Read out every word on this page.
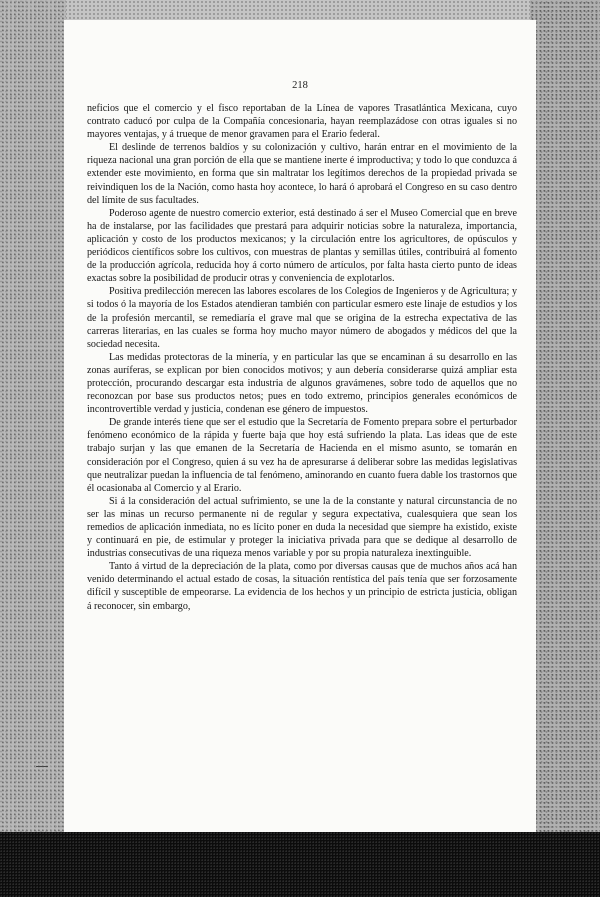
218

neficios que el comercio y el fisco reportaban de la Línea de vapores Trasatlántica Mexicana, cuyo contrato caducó por culpa de la Compañía concesionaria, hayan reemplazádose con otras iguales si no mayores ventajas, y á trueque de menor gravamen para el Erario federal.

El deslinde de terrenos baldíos y su colonización y cultivo, harán entrar en el movimiento de la riqueza nacional una gran porción de ella que se mantiene inerte é improductiva; y todo lo que conduzca á extender este movimiento, en forma que sin maltratar los legítimos derechos de la propiedad privada se reivindiquen los de la Nación, como hasta hoy acontece, lo hará ó aprobará el Congreso en su caso dentro del límite de sus facultades.

Poderoso agente de nuestro comercio exterior, está destinado á ser el Museo Comercial que en breve ha de instalarse, por las facilidades que prestará para adquirir noticias sobre la naturaleza, importancia, aplicación y costo de los productos mexicanos; y la circulación entre los agricultores, de opúsculos y periódicos científicos sobre los cultivos, con muestras de plantas y semillas útiles, contribuirá al fomento de la producción agrícola, reducida hoy á corto número de artículos, por falta hasta cierto punto de ideas exactas sobre la posibilidad de producir otras y conveniencia de explotarlos.

Positiva predilección merecen las labores escolares de los Colegios de Ingenieros y de Agricultura; y si todos ó la mayoría de los Estados atendieran también con particular esmero este linaje de estudios y los de la profesión mercantil, se remediaría el grave mal que se origina de la estrecha expectativa de las carreras literarias, en las cuales se forma hoy mucho mayor número de abogados y médicos del que la sociedad necesita.

Las medidas protectoras de la minería, y en particular las que se encaminan á su desarrollo en las zonas auríferas, se explican por bien conocidos motivos; y aun debería considerarse quizá ampliar esta protección, procurando descargar esta industria de algunos gravámenes, sobre todo de aquellos que no reconozcan por base sus productos netos; pues en todo extremo, principios generales económicos de incontrovertible verdad y justicia, condenan ese género de impuestos.

De grande interés tiene que ser el estudio que la Secretaría de Fomento prepara sobre el perturbador fenómeno económico de la rápida y fuerte baja que hoy está sufriendo la plata. Las ideas que de este trabajo surjan y las que emanen de la Secretaría de Hacienda en el mismo asunto, se tomarán en consideración por el Congreso, quien á su vez ha de apresurarse á deliberar sobre las medidas legislativas que neutralizar puedan la influencia de tal fenómeno, aminorando en cuanto fuera dable los trastornos que él ocasionaba al Comercio y al Erario.

Si á la consideración del actual sufrimiento, se une la de la constante y natural circunstancia de no ser las minas un recurso permanente ni de regular y segura expectativa, cualesquiera que sean los remedios de aplicación inmediata, no es lícito poner en duda la necesidad que siempre ha existido, existe y continuará en pie, de estimular y proteger la iniciativa privada para que se dedique al desarrollo de industrias consecutivas de una riqueza menos variable y por su propia naturaleza inextinguible.

Tanto á virtud de la depreciación de la plata, como por diversas causas que de muchos años acá han venido determinando el actual estado de cosas, la situación rentística del país tenía que ser forzosamente difícil y susceptible de empeorarse. La evidencia de los hechos y un principio de estricta justicia, obligan á reconocer, sin embargo,
